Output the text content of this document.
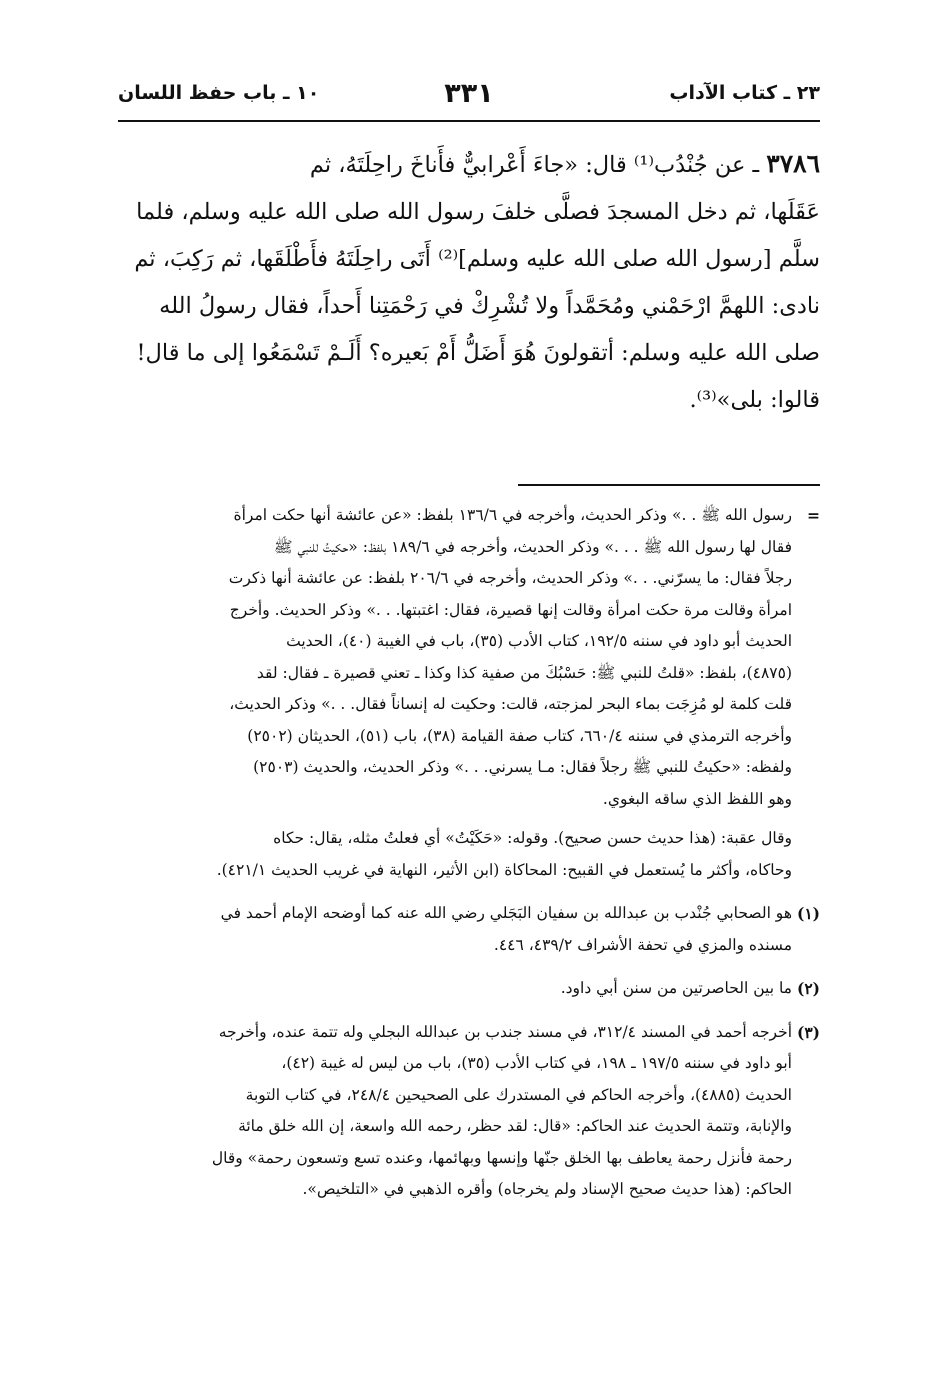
٢٣ ـ كتاب الآداب
٣٣١
١٠ ـ باب حفظ اللسان
٣٧٨٦ ـ عن جُنْدُب⁽¹⁾ قال: «جاءَ أَعْرابيٌّ فأَناخَ راحِلَتَهُ، ثم
عَقَلَها، ثم دخل المسجدَ فصلَّى خلفَ رسول الله صلى الله عليه وسلم، فلما
سلَّم [رسول الله صلى الله عليه وسلم]⁽²⁾ أَتَى راحِلَتَهُ فأَطْلَقَها، ثم رَكِبَ، ثم
نادى: اللهمَّ ارْحَمْني ومُحَمَّداً ولا تُشْرِكْ في رَحْمَتِنا أَحداً، فقال رسولُ الله
صلى الله عليه وسلم: أتقولونَ هُوَ أَضَلُّ أَمْ بَعيره؟ أَلَـمْ تَسْمَعُوا إلى ما قال!
قالوا: بلى»⁽³⁾.
=
رسول الله ﷺ . .» وذكر الحديث، وأخرجه في ١٣٦/٦ بلفظ: «عن عائشة أنها حكت امرأة
فقال لها رسول الله ﷺ . . .» وذكر الحديث، وأخرجه في ١٨٩/٦ بلفظ: «حكيتُ للنبي ﷺ
رجلاً فقال: ما يسرّني. . .» وذكر الحديث، وأخرجه في ٢٠٦/٦ بلفظ: عن عائشة أنها ذكرت
امرأة وقالت مرة حكت امرأة وقالت إنها قصيرة، فقال: اغتبتها. . .» وذكر الحديث. وأخرج
الحديث أبو داود في سننه ١٩٢/٥، كتاب الأدب (٣٥)، باب في الغيبة (٤٠)، الحديث
(٤٨٧٥)، بلفظ: «قلتُ للنبي ﷺ: حَسْبُكَ من صفية كذا وكذا ـ تعني قصيرة ـ فقال: لقد
قلت كلمة لو مُزِجَت بماء البحر لمزجته، قالت: وحكيت له إنساناً فقال. . .» وذكر الحديث،
وأخرجه الترمذي في سننه ٦٦٠/٤، كتاب صفة القيامة (٣٨)، باب (٥١)، الحديثان (٢٥٠٢)
ولفظه: «حكيتُ للنبي ﷺ رجلاً فقال: مـا يسرني. . .» وذكر الحديث، والحديث (٢٥٠٣)
وهو اللفظ الذي ساقه البغوي.
وقال عقبة: (هذا حديث حسن صحيح). وقوله: «حَكَيْتُ» أي فعلتُ مثله، يقال: حكاه
وحاكاه، وأكثر ما يُستعمل في القبيح: المحاكاة (ابن الأثير، النهاية في غريب الحديث ٤٢١/١).
(١)
هو الصحابي جُنْدب بن عبدالله بن سفيان البَجَلي رضي الله عنه كما أوضحه الإمام أحمد في
مسنده والمزي في تحفة الأشراف ٤٣٩/٢، ٤٤٦.
(٢)
ما بين الحاصرتين من سنن أبي داود.
(٣)
أخرجه أحمد في المسند ٣١٢/٤، في مسند جندب بن عبدالله البجلي وله تتمة عنده، وأخرجه
أبو داود في سننه ١٩٧/٥ ـ ١٩٨، في كتاب الأدب (٣٥)، باب من ليس له غيبة (٤٢)،
الحديث (٤٨٨٥)، وأخرجه الحاكم في المستدرك على الصحيحين ٢٤٨/٤، في كتاب التوبة
والإنابة، وتتمة الحديث عند الحاكم: «قال: لقد حظر، رحمه الله واسعة، إن الله خلق مائة
رحمة فأنزل رحمة يعاطف بها الخلق جنّها وإنسها وبهائمها، وعنده تسع وتسعون رحمة» وقال
الحاكم: (هذا حديث صحيح الإسناد ولم يخرجاه) وأقره الذهبي في «التلخيص».
